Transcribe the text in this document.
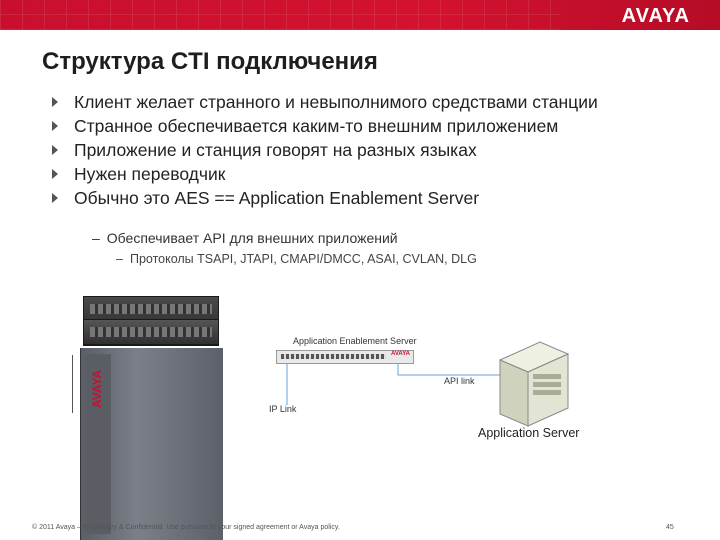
AVAYA
Структура CTI подключения
Клиент желает странного и невыполнимого средствами станции
Странное обеспечивается каким-то внешним приложением
Приложение и станция говорят на разных языках
Нужен переводчик
Обычно это AES == Application Enablement Server
– Обеспечивает API для внешних приложений
– Протоколы TSAPI, JTAPI, CMAPI/DMCC, ASAI, CVLAN, DLG
AVAYA
Application Enablement Server
AVAYA
API link
IP Link
Application Server
© 2011 Avaya – Proprietary & Confidential. Use pursuant to your signed agreement or Avaya policy.	45
